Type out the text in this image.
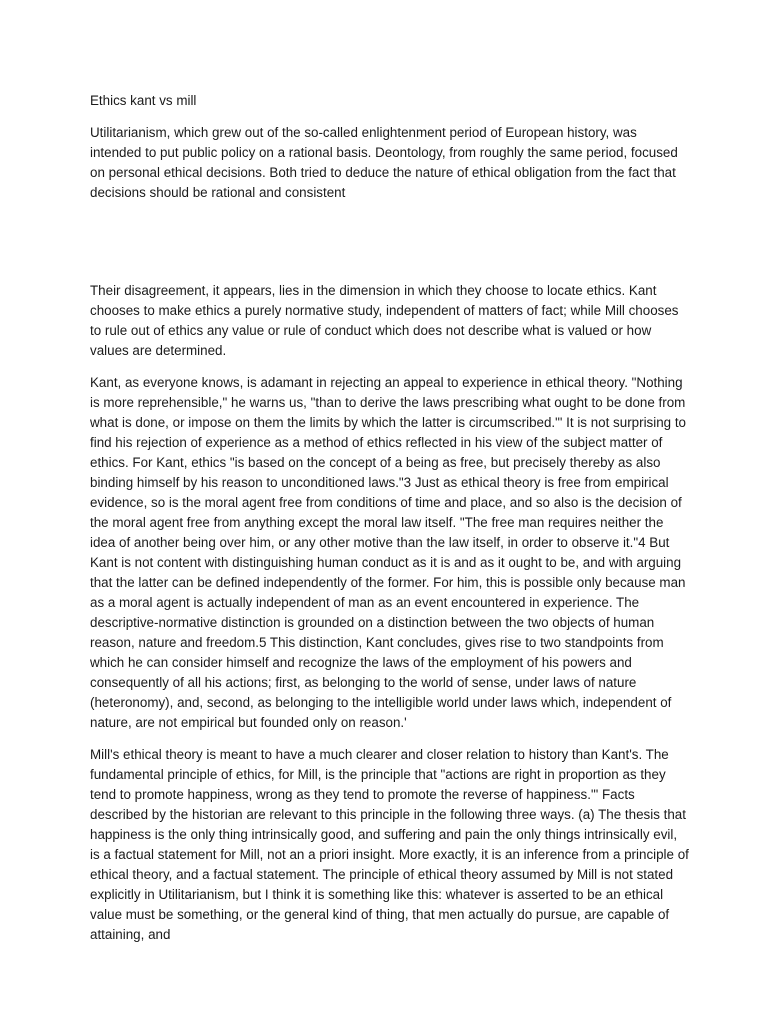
Ethics kant vs mill

Utilitarianism, which grew out of the so-called enlightenment period of European history, was intended to put public policy on a rational basis. Deontology, from roughly the same period, focused on personal ethical decisions. Both tried to deduce the nature of ethical obligation from the fact that decisions should be rational and consistent

Their disagreement, it appears, lies in the dimension in which they choose to locate ethics. Kant chooses to make ethics a purely normative study, independent of matters of fact; while Mill chooses to rule out of ethics any value or rule of conduct which does not describe what is valued or how values are determined.

Kant, as everyone knows, is adamant in rejecting an appeal to experience in ethical theory. "Nothing is more reprehensible," he warns us, "than to derive the laws prescribing what ought to be done from what is done, or impose on them the limits by which the latter is circumscribed."' It is not surprising to find his rejection of experience as a method of ethics reflected in his view of the subject matter of ethics. For Kant, ethics "is based on the concept of a being as free, but precisely thereby as also binding himself by his reason to unconditioned laws."3 Just as ethical theory is free from empirical evidence, so is the moral agent free from conditions of time and place, and so also is the decision of the moral agent free from anything except the moral law itself. "The free man requires neither the idea of another being over him, or any other motive than the law itself, in order to observe it."4 But Kant is not content with distinguishing human conduct as it is and as it ought to be, and with arguing that the latter can be defined independently of the former. For him, this is possible only because man as a moral agent is actually independent of man as an event encountered in experience. The descriptive-normative distinction is grounded on a distinction between the two objects of human reason, nature and freedom.5 This distinction, Kant concludes, gives rise to two standpoints from which he can consider himself and recognize the laws of the employment of his powers and consequently of all his actions; first, as belonging to the world of sense, under laws of nature (heteronomy), and, second, as belonging to the intelligible world under laws which, independent of nature, are not empirical but founded only on reason.'

Mill's ethical theory is meant to have a much clearer and closer relation to history than Kant's. The fundamental principle of ethics, for Mill, is the principle that "actions are right in proportion as they tend to promote happiness, wrong as they tend to promote the reverse of happiness."' Facts described by the historian are relevant to this principle in the following three ways. (a) The thesis that happiness is the only thing intrinsically good, and suffering and pain the only things intrinsically evil, is a factual statement for Mill, not an a priori insight. More exactly, it is an inference from a principle of ethical theory, and a factual statement. The principle of ethical theory assumed by Mill is not stated explicitly in Utilitarianism, but I think it is something like this: whatever is asserted to be an ethical value must be something, or the general kind of thing, that men actually do pursue, are capable of attaining, and
